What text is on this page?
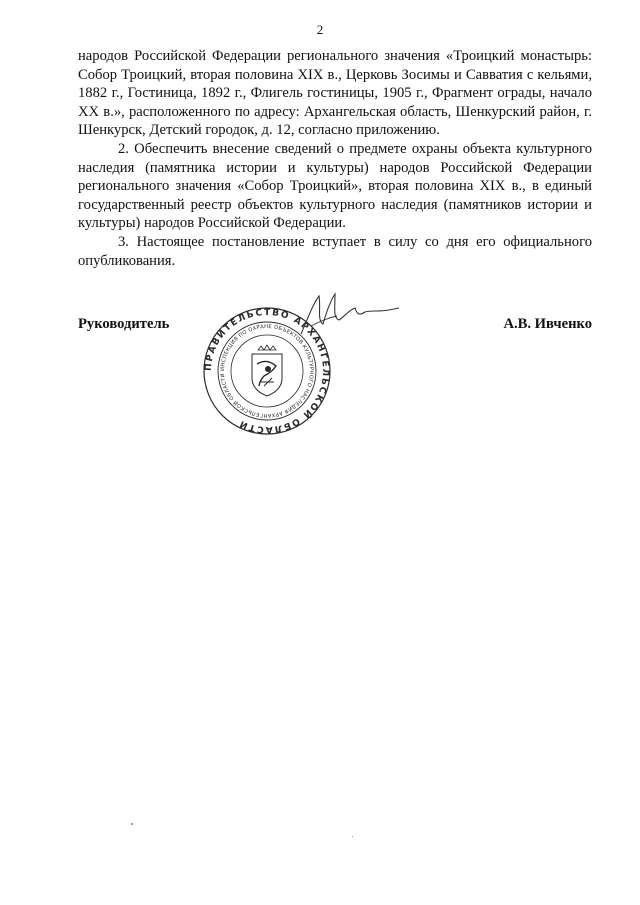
2

народов Российской Федерации регионального значения «Троицкий монастырь: Собор Троицкий, вторая половина XIX в., Церковь Зосимы и Савватия с кельями, 1882 г., Гостиница, 1892 г., Флигель гостиницы, 1905 г., Фрагмент ограды, начало XX в.», расположенного по адресу: Архангельская область, Шенкурский район, г. Шенкурск, Детский городок, д. 12, согласно приложению.

2. Обеспечить внесение сведений о предмете охраны объекта культурного наследия (памятника истории и культуры) народов Российской Федерации регионального значения «Собор Троицкий», вторая половина XIX в., в единый государственный реестр объектов культурного наследия (памятников истории и культуры) народов Российской Федерации.

3. Настоящее постановление вступает в силу со дня его официального опубликования.

Руководитель	А.В. Ивченко
ПРАВИТЕЛЬСТВО АРХАНГЕЛЬСКОЙ ОБЛАСТИ
ИНСПЕКЦИЯ ПО ОХРАНЕ ОБЪЕКТОВ КУЛЬТУРНОГО НАСЛЕДИЯ АРХАНГЕЛЬСКОЙ ОБЛАСТИ
